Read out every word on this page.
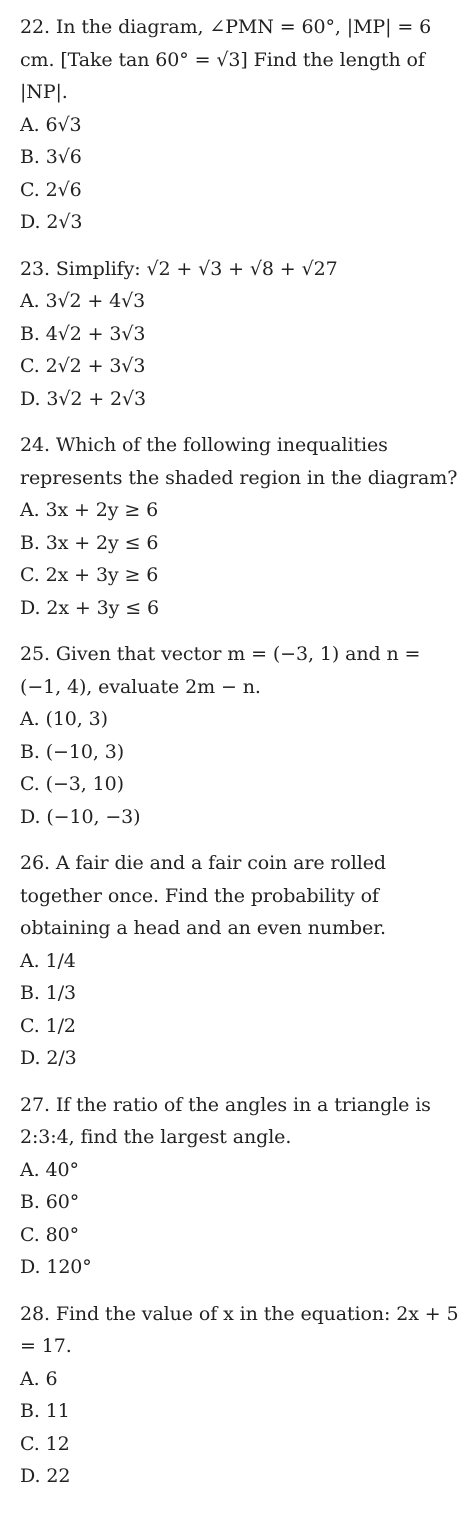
22. In the diagram, ∠PMN = 60°, |MP| = 6 cm. [Take tan 60° = √3] Find the length of |NP|.
A. 6√3
B. 3√6
C. 2√6
D. 2√3
23. Simplify: √2 + √3 + √8 + √27
A. 3√2 + 4√3
B. 4√2 + 3√3
C. 2√2 + 3√3
D. 3√2 + 2√3
24. Which of the following inequalities represents the shaded region in the diagram?
A. 3x + 2y ≥ 6
B. 3x + 2y ≤ 6
C. 2x + 3y ≥ 6
D. 2x + 3y ≤ 6
25. Given that vector m = (−3, 1) and n = (−1, 4), evaluate 2m − n.
A. (10, 3)
B. (−10, 3)
C. (−3, 10)
D. (−10, −3)
26. A fair die and a fair coin are rolled together once. Find the probability of obtaining a head and an even number.
A. 1/4
B. 1/3
C. 1/2
D. 2/3
27. If the ratio of the angles in a triangle is 2:3:4, find the largest angle.
A. 40°
B. 60°
C. 80°
D. 120°
28. Find the value of x in the equation: 2x + 5 = 17.
A. 6
B. 11
C. 12
D. 22
